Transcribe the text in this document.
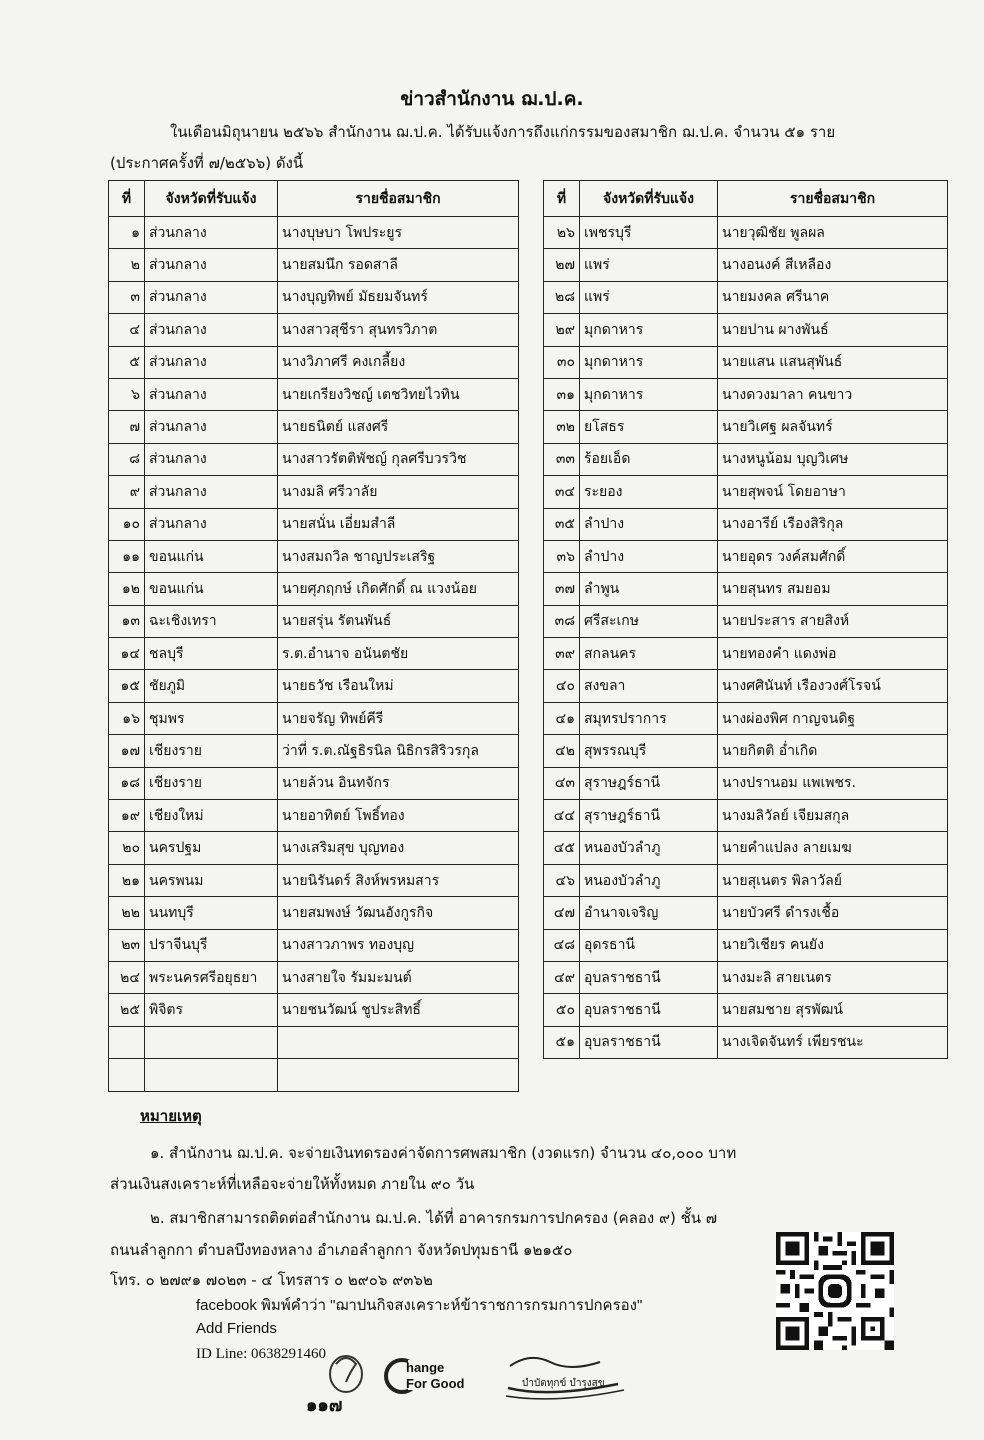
ข่าวสำนักงาน ฌ.ป.ค.
ในเดือนมิถุนายน ๒๕๖๖ สำนักงาน ฌ.ป.ค. ได้รับแจ้งการถึงแก่กรรมของสมาชิก ฌ.ป.ค. จำนวน ๕๑ ราย
(ประกาศครั้งที่ ๗/๒๕๖๖) ดังนี้
ที่	จังหวัดที่รับแจ้ง	รายชื่อสมาชิก
๑	ส่วนกลาง	นางบุษบา โพประยูร
๒	ส่วนกลาง	นายสมนึก รอดสาลี
๓	ส่วนกลาง	นางบุญทิพย์ มัธยมจันทร์
๔	ส่วนกลาง	นางสาวสุชีรา สุนทรวิภาต
๕	ส่วนกลาง	นางวิภาศรี คงเกลี้ยง
๖	ส่วนกลาง	นายเกรียงวิชญ์ เตชวิทยไวทิน
๗	ส่วนกลาง	นายธนิตย์ แสงศรี
๘	ส่วนกลาง	นางสาวรัตติพัชญ์ กุลศรีบวรวิช
๙	ส่วนกลาง	นางมลิ ศรีวาลัย
๑๐	ส่วนกลาง	นายสนั่น เอี่ยมสำลี
๑๑	ขอนแก่น	นางสมถวิล ชาญประเสริฐ
๑๒	ขอนแก่น	นายศุภฤกษ์ เกิดศักดิ์ ณ แวงน้อย
๑๓	ฉะเชิงเทรา	นายสรุ่น รัตนพันธ์
๑๔	ชลบุรี	ร.ต.อำนาจ อนันตชัย
๑๕	ชัยภูมิ	นายธวัช เรือนใหม่
๑๖	ชุมพร	นายจรัญ ทิพย์คีรี
๑๗	เชียงราย	ว่าที่ ร.ต.ณัฐธิรนิล นิธิกรสิริวรกุล
๑๘	เชียงราย	นายล้วน อินทจักร
๑๙	เชียงใหม่	นายอาทิตย์ โพธิ์ทอง
๒๐	นครปฐม	นางเสริมสุข บุญทอง
๒๑	นครพนม	นายนิรันดร์ สิงห์พรหมสาร
๒๒	นนทบุรี	นายสมพงษ์ วัฒนอังกูรกิจ
๒๓	ปราจีนบุรี	นางสาวภาพร ทองบุญ
๒๔	พระนครศรีอยุธยา	นางสายใจ รัมมะมนต์
๒๕	พิจิตร	นายชนวัฒน์ ชูประสิทธิ์

ที่	จังหวัดที่รับแจ้ง	รายชื่อสมาชิก
๒๖	เพชรบุรี	นายวุฒิชัย พูลผล
๒๗	แพร่	นางอนงค์ สีเหลือง
๒๘	แพร่	นายมงคล ศรีนาค
๒๙	มุกดาหาร	นายปาน ผางพันธ์
๓๐	มุกดาหาร	นายแสน แสนสุพันธ์
๓๑	มุกดาหาร	นางดวงมาลา คนขาว
๓๒	ยโสธร	นายวิเศฐ ผลจันทร์
๓๓	ร้อยเอ็ด	นางหนูน้อม บุญวิเศษ
๓๔	ระยอง	นายสุพจน์ โดยอาษา
๓๕	ลำปาง	นางอารีย์ เรืองสิริกุล
๓๖	ลำปาง	นายอุดร วงค์สมศักดิ์
๓๗	ลำพูน	นายสุนทร สมยอม
๓๘	ศรีสะเกษ	นายประสาร สายสิงห์
๓๙	สกลนคร	นายทองคำ แดงพ่อ
๔๐	สงขลา	นางศศินันท์ เรืองวงศ์โรจน์
๔๑	สมุทรปราการ	นางผ่องพิศ กาญจนดิฐ
๔๒	สุพรรณบุรี	นายกิตติ อ่ำเกิด
๔๓	สุราษฎร์ธานี	นางปรานอม แพเพชร.
๔๔	สุราษฎร์ธานี	นางมลิวัลย์ เจียมสกุล
๔๕	หนองบัวลำภู	นายคำแปลง ลายเมฆ
๔๖	หนองบัวลำภู	นายสุเนตร พิลาวัลย์
๔๗	อำนาจเจริญ	นายบัวศรี ดำรงเชื้อ
๔๘	อุดรธานี	นายวิเชียร คนยัง
๔๙	อุบลราชธานี	นางมะลิ สายเนตร
๕๐	อุบลราชธานี	นายสมชาย สุรพัฒน์
๕๑	อุบลราชธานี	นางเจิดจันทร์ เพียรชนะ
หมายเหตุ
๑. สำนักงาน ฌ.ป.ค. จะจ่ายเงินทดรองค่าจัดการศพสมาชิก (งวดแรก) จำนวน ๔๐,๐๐๐ บาท
ส่วนเงินสงเคราะห์ที่เหลือจะจ่ายให้ทั้งหมด ภายใน ๙๐ วัน
๒. สมาชิกสามารถติดต่อสำนักงาน ฌ.ป.ค. ได้ที่ อาคารกรมการปกครอง (คลอง ๙) ชั้น ๗
ถนนลำลูกกา ตำบลบึงทองหลาง อำเภอลำลูกกา จังหวัดปทุมธานี ๑๒๑๕๐
โทร. ๐ ๒๗๙๑ ๗๐๒๓ - ๔ โทรสาร ๐ ๒๙๐๖ ๙๓๖๒
facebook พิมพ์คำว่า "ฌาปนกิจสงเคราะห์ข้าราชการกรมการปกครอง"
Add Friends
ID Line: 0638291460
๑๑๗
hange
For Good	บำบัดทุกข์ บำรุงสุข
